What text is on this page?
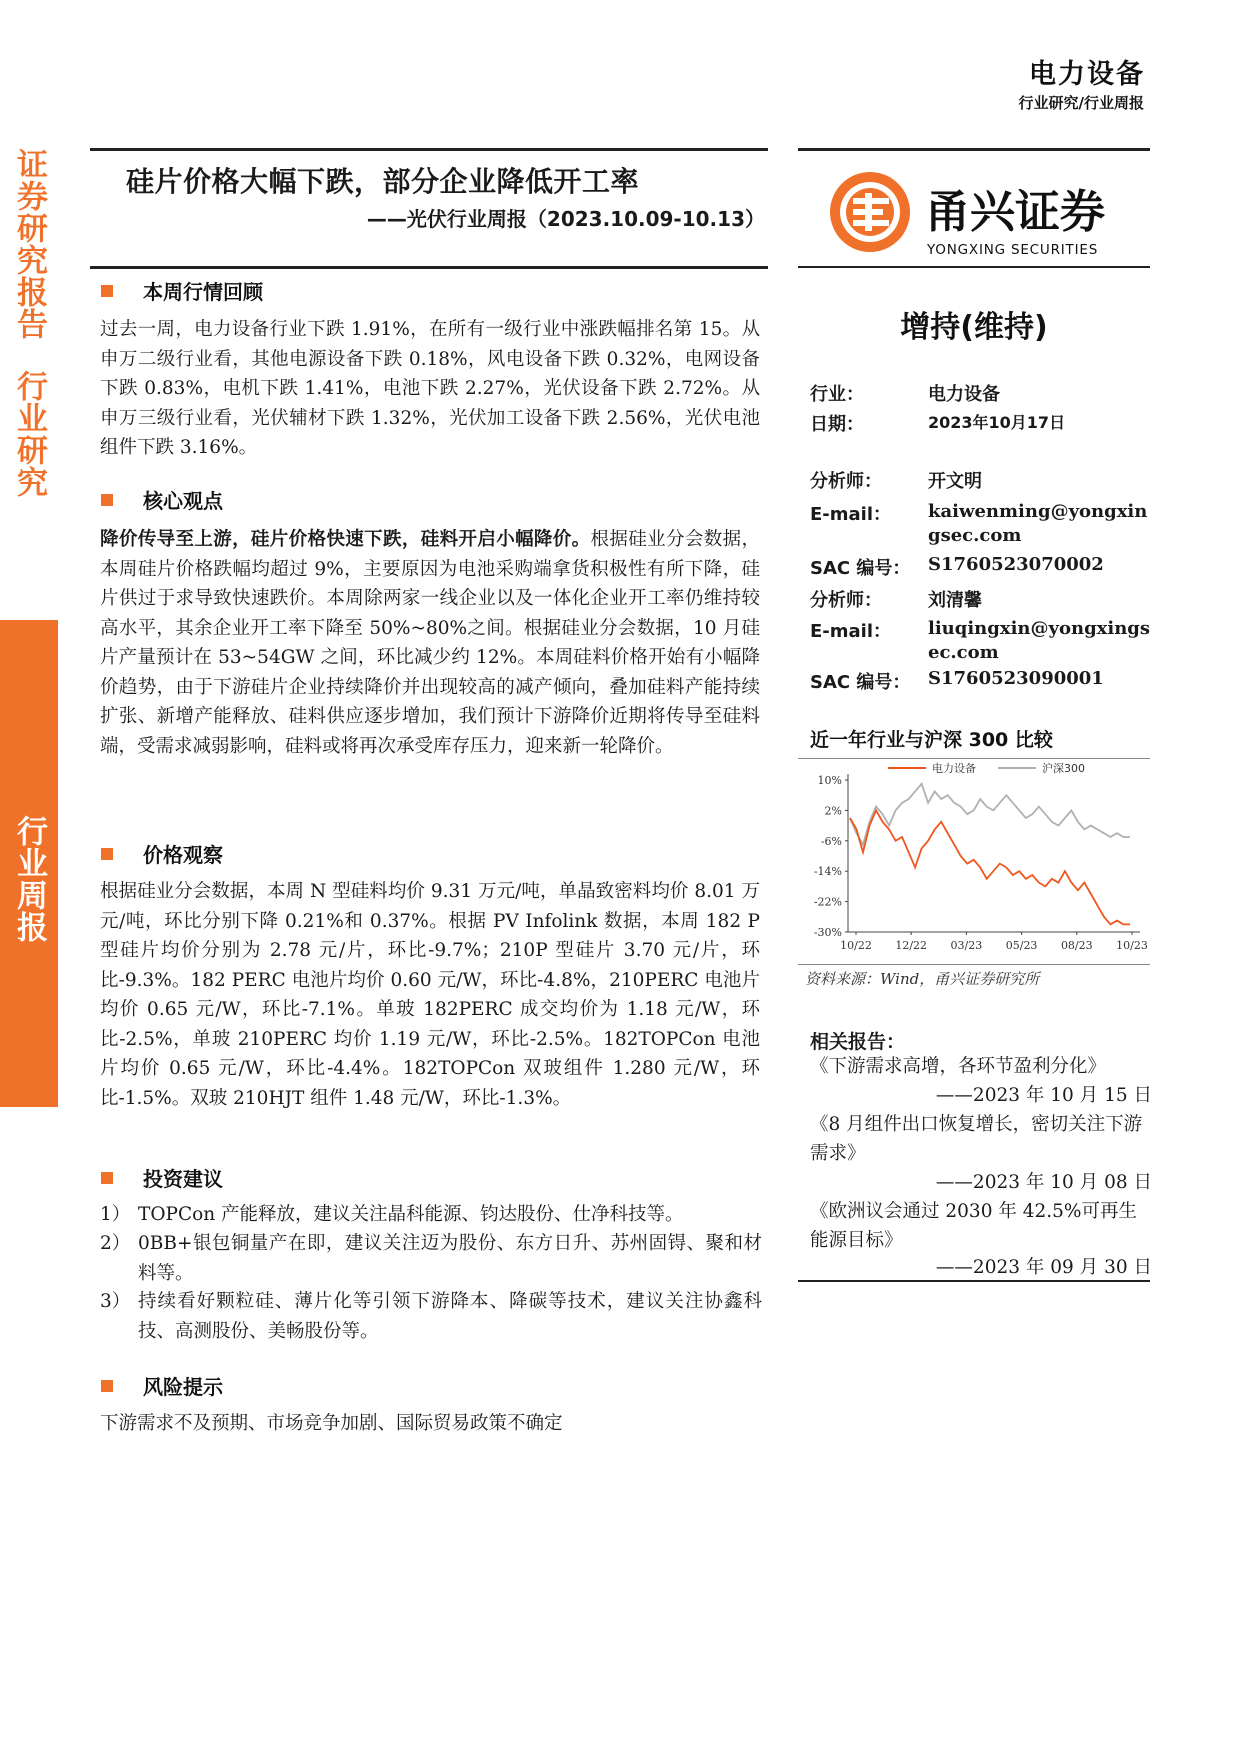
电力设备
行业研究/行业周报
证券研究报告
行业研究
行业周报
硅片价格大幅下跌，部分企业降低开工率
——光伏行业周报（2023.10.09-10.13）
本周行情回顾
过去一周，电力设备行业下跌 1.91%，在所有一级行业中涨跌幅排名第 15。从申万二级行业看，其他电源设备下跌 0.18%，风电设备下跌 0.32%，电网设备下跌 0.83%，电机下跌 1.41%，电池下跌 2.27%，光伏设备下跌 2.72%。从申万三级行业看，光伏辅材下跌 1.32%，光伏加工设备下跌 2.56%，光伏电池组件下跌 3.16%。
核心观点
降价传导至上游，硅片价格快速下跌，硅料开启小幅降价。根据硅业分会数据，本周硅片价格跌幅均超过 9%，主要原因为电池采购端拿货积极性有所下降，硅片供过于求导致快速跌价。本周除两家一线企业以及一体化企业开工率仍维持较高水平，其余企业开工率下降至 50%~80%之间。根据硅业分会数据，10 月硅片产量预计在 53~54GW 之间，环比减少约 12%。本周硅料价格开始有小幅降价趋势，由于下游硅片企业持续降价并出现较高的减产倾向，叠加硅料产能持续扩张、新增产能释放、硅料供应逐步增加，我们预计下游降价近期将传导至硅料端，受需求减弱影响，硅料或将再次承受库存压力，迎来新一轮降价。
价格观察
根据硅业分会数据，本周 N 型硅料均价 9.31 万元/吨，单晶致密料均价 8.01 万元/吨，环比分别下降 0.21%和 0.37%。根据 PV Infolink 数据，本周 182 P 型硅片均价分别为 2.78 元/片，环比-9.7%；210P 型硅片 3.70 元/片，环比-9.3%。182 PERC 电池片均价 0.60 元/W，环比-4.8%，210PERC 电池片均价 0.65 元/W，环比-7.1%。单玻 182PERC 成交均价为 1.18 元/W，环比-2.5%，单玻 210PERC 均价 1.19 元/W，环比-2.5%。182TOPCon 电池片均价 0.65 元/W，环比-4.4%。182TOPCon 双玻组件 1.280 元/W，环比-1.5%。双玻 210HJT 组件 1.48 元/W，环比-1.3%。
投资建议
1） TOPCon 产能释放，建议关注晶科能源、钧达股份、仕净科技等。
2） 0BB+银包铜量产在即，建议关注迈为股份、东方日升、苏州固锝、聚和材料等。
3） 持续看好颗粒硅、薄片化等引领下游降本、降碳等技术，建议关注协鑫科技、高测股份、美畅股份等。
风险提示
下游需求不及预期、市场竞争加剧、国际贸易政策不确定
甬兴证券
YONGXING SECURITIES
增持(维持)
行业：	电力设备
日期：	2023年10月17日
分析师：	开文明
E-mail：	kaiwenming@yongxingsec.com
SAC 编号： S1760523070002
分析师：	刘清馨
E-mail：	liuqingxin@yongxingsec.com
SAC 编号： S1760523090001
近一年行业与沪深 300 比较
10%
2%
-6%
-14%
-22%
-30%
10/22 12/22 03/23 05/23 08/23 10/23
电力设备	沪深300
资料来源：Wind，甬兴证券研究所
相关报告：
《下游需求高增，各环节盈利分化》
——2023 年 10 月 15 日
《8 月组件出口恢复增长，密切关注下游需求》
——2023 年 10 月 08 日
《欧洲议会通过 2030 年 42.5%可再生能源目标》
——2023 年 09 月 30 日
